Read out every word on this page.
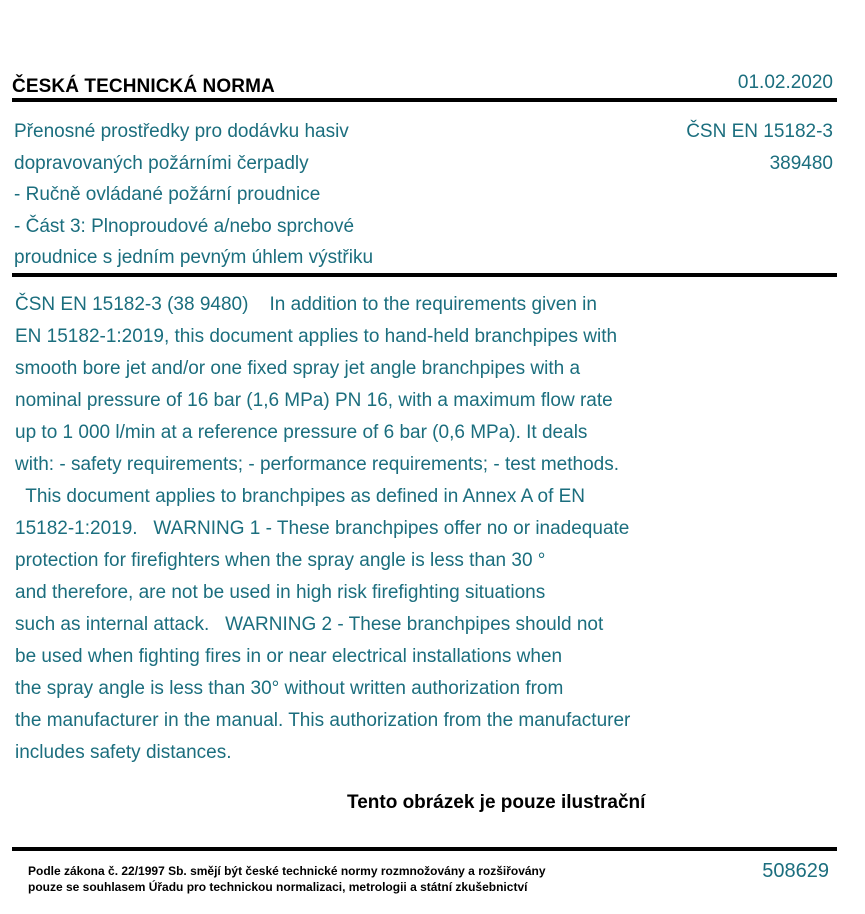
ČESKÁ TECHNICKÁ NORMA	01.02.2020
Přenosné prostředky pro dodávku hasiv
dopravovaných požárními čerpadly
- Ručně ovládané požární proudnice
- Část 3: Plnoproudové a/nebo sprchové
proudnice s jedním pevným úhlem výstřiku
ČSN EN 15182-3
389480
ČSN EN 15182-3 (38 9480)    In addition to the requirements given in
EN 15182-1:2019, this document applies to hand-held branchpipes with
smooth bore jet and/or one fixed spray jet angle branchpipes with a
nominal pressure of 16 bar (1,6 MPa) PN 16, with a maximum flow rate
up to 1 000 l/min at a reference pressure of 6 bar (0,6 MPa). It deals
with: - safety requirements; - performance requirements; - test methods.
This document applies to branchpipes as defined in Annex A of EN
15182-1:2019.   WARNING 1 - These branchpipes offer no or inadequate
protection for firefighters when the spray angle is less than 30 °
and therefore, are not be used in high risk firefighting situations
such as internal attack.   WARNING 2 - These branchpipes should not
be used when fighting fires in or near electrical installations when
the spray angle is less than 30° without written authorization from
the manufacturer in the manual. This authorization from the manufacturer
includes safety distances.
Tento obrázek je pouze ilustrační
Podle zákona č. 22/1997 Sb. smějí být české technické normy rozmnožovány a rozšiřovány
pouze se souhlasem Úřadu pro technickou normalizaci, metrologii a státní zkušebnictví
508629
